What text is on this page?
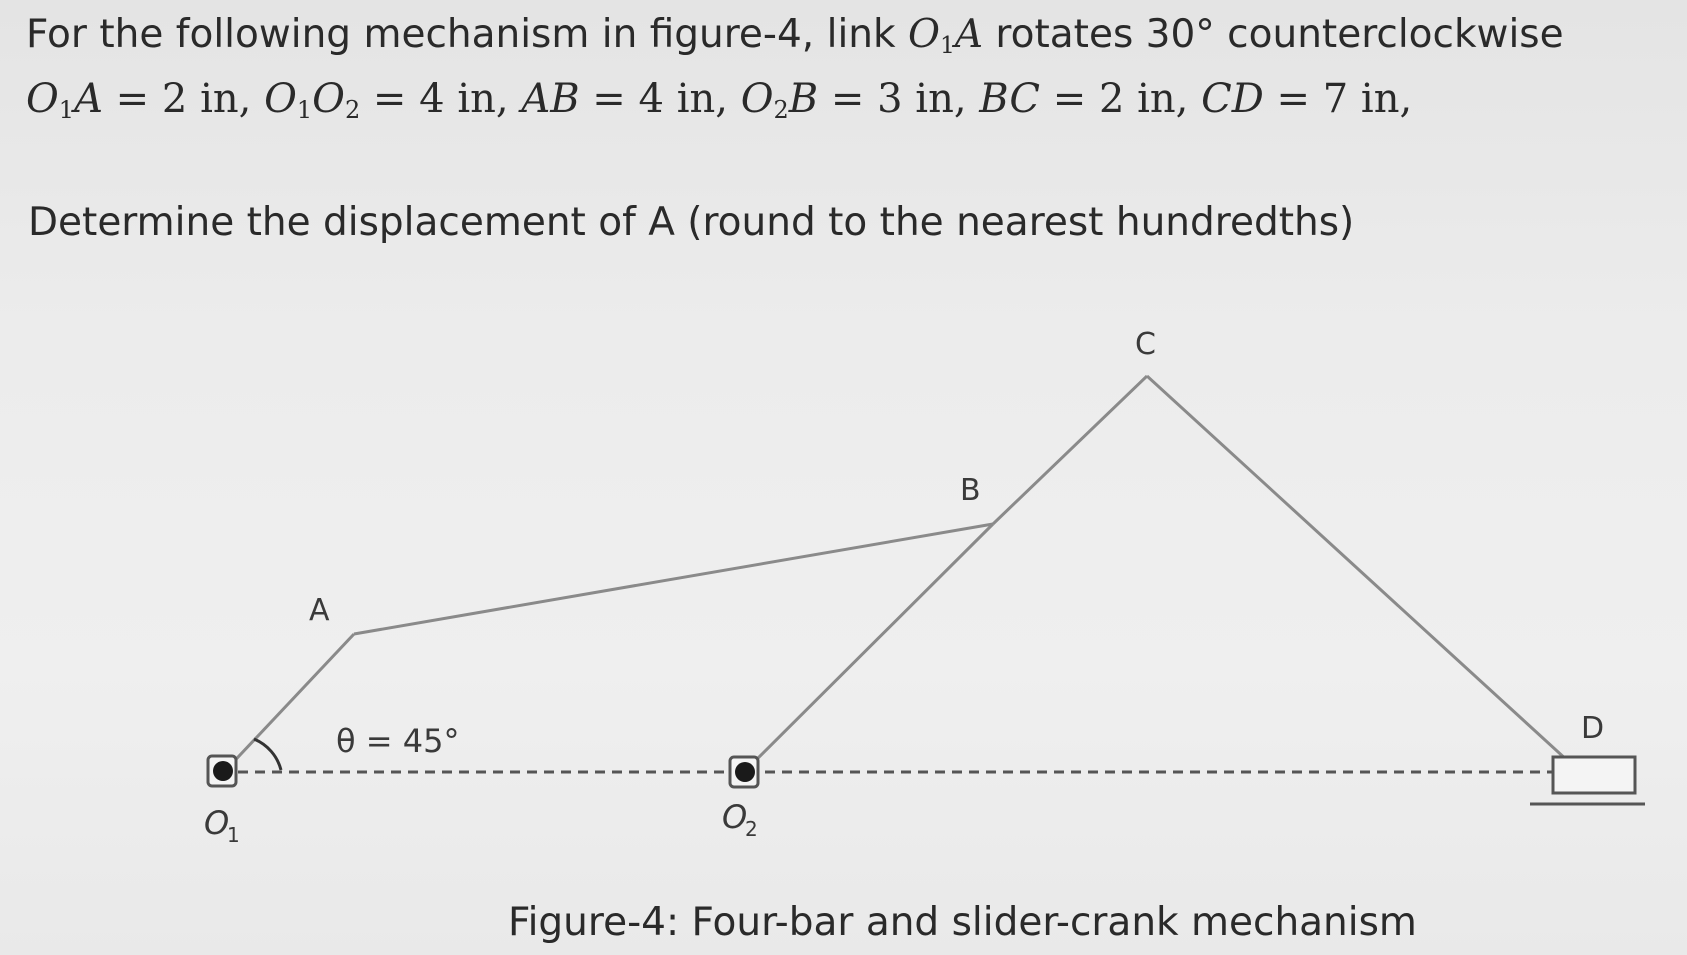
For the following mechanism in figure-4, link $O_1A$ rotates 30° counterclockwise
$O_1A = 2$ in, $O_1O_2 = 4$ in, AB = 4 in, $O_2B = 3$ in, BC = 2 in, CD = 7 in,
Determine the displacement of A (round to the nearest hundredths)
A
B
C
D
θ = 45°
O
1	O
2
Figure-4: Four-bar and slider-crank mechanism
